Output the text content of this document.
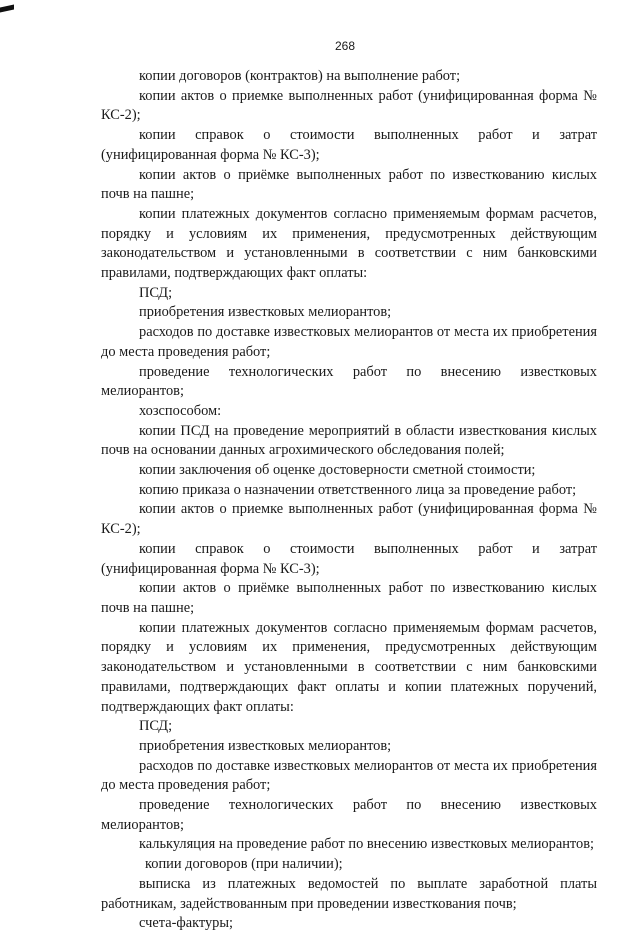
268

копии договоров (контрактов) на выполнение работ;

копии актов о приемке выполненных работ (унифицированная форма № КС-2);

копии справок о стоимости выполненных работ и затрат (унифицированная форма № КС-3);

копии актов о приёмке выполненных работ по известкованию кислых почв на пашне;

копии платежных документов согласно применяемым формам расчетов, порядку и условиям их применения, предусмотренных действующим законодательством и установленными в соответствии с ним банковскими правилами, подтверждающих факт оплаты:

ПСД;

приобретения известковых мелиорантов;

расходов по доставке известковых мелиорантов от места их приобретения до места проведения работ;

проведение технологических работ по внесению известковых мелиорантов;

хозспособом:

копии ПСД на проведение мероприятий в области известкования кислых почв на основании данных агрохимического обследования полей;

копии заключения об оценке достоверности сметной стоимости;

копию приказа о назначении ответственного лица за проведение работ;

копии актов о приемке выполненных работ (унифицированная форма № КС-2);

копии справок о стоимости выполненных работ и затрат (унифицированная форма № КС-3);

копии актов о приёмке выполненных работ по известкованию кислых почв на пашне;

копии платежных документов согласно применяемым формам расчетов, порядку и условиям их применения, предусмотренных действующим законодательством и установленными в соответствии с ним банковскими правилами, подтверждающих факт оплаты и копии платежных поручений, подтверждающих факт оплаты:

ПСД;

приобретения известковых мелиорантов;

расходов по доставке известковых мелиорантов от места их приобретения до места проведения работ;

проведение технологических работ по внесению известковых мелиорантов;

калькуляция на проведение работ по внесению известковых мелиорантов;

копии договоров (при наличии);

выписка из платежных ведомостей по выплате заработной платы работникам, задействованным при проведении известкования почв;

счета-фактуры;
